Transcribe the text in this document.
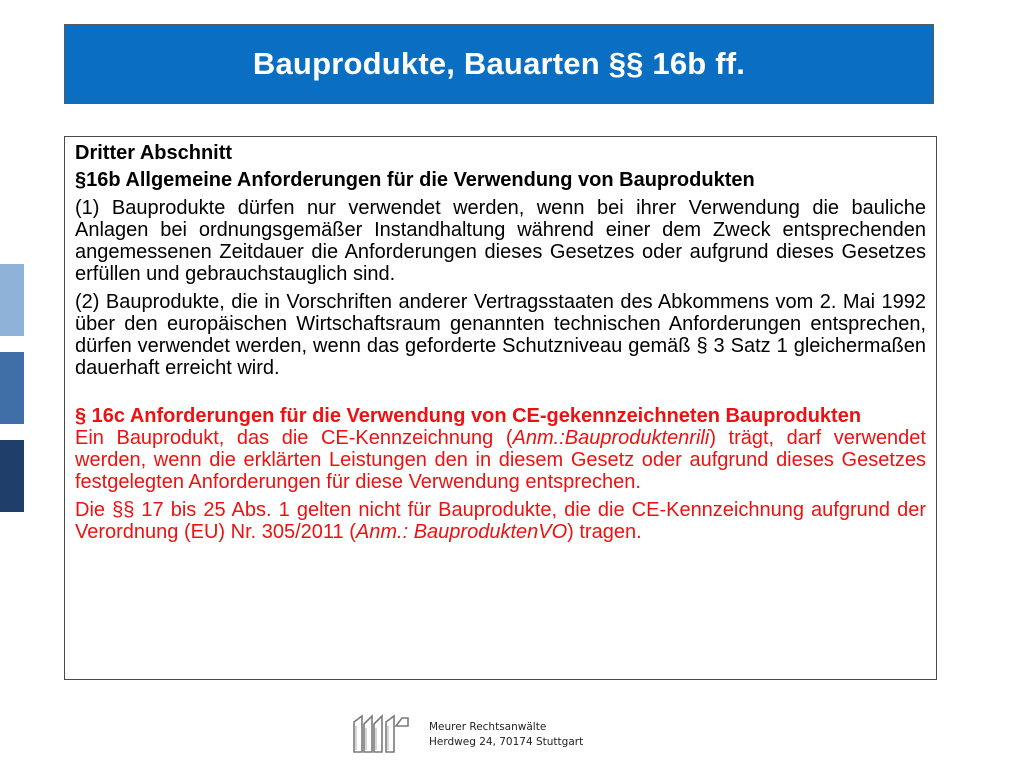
Bauprodukte, Bauarten §§ 16b ff.

Dritter Abschnitt

§16b Allgemeine Anforderungen für die Verwendung von Bauprodukten

(1) Bauprodukte dürfen nur verwendet werden, wenn bei ihrer Verwendung die bauliche Anlagen bei ordnungsgemäßer Instandhaltung während einer dem Zweck entsprechenden angemessenen Zeitdauer die Anforderungen dieses Gesetzes oder aufgrund dieses Gesetzes erfüllen und gebrauchstauglich sind.

(2) Bauprodukte, die in Vorschriften anderer Vertragsstaaten des Abkommens vom 2. Mai 1992 über den europäischen Wirtschaftsraum genannten technischen Anforderungen entsprechen, dürfen verwendet werden, wenn das geforderte Schutzniveau gemäß § 3 Satz 1 gleichermaßen dauerhaft erreicht wird.

§ 16c Anforderungen für die Verwendung von CE-gekennzeichneten Bauprodukten

Ein Bauprodukt, das die CE-Kennzeichnung (Anm.:Bauproduktenrili) trägt, darf verwendet werden, wenn die erklärten Leistungen den in diesem Gesetz oder aufgrund dieses Gesetzes festgelegten Anforderungen für diese Verwendung entsprechen.

Die §§ 17 bis 25 Abs. 1 gelten nicht für Bauprodukte, die die CE-Kennzeichnung aufgrund der Verordnung (EU) Nr. 305/2011 (Anm.: BauproduktenVO) tragen.

Meurer Rechtsanwälte
Herdweg 24, 70174 Stuttgart
